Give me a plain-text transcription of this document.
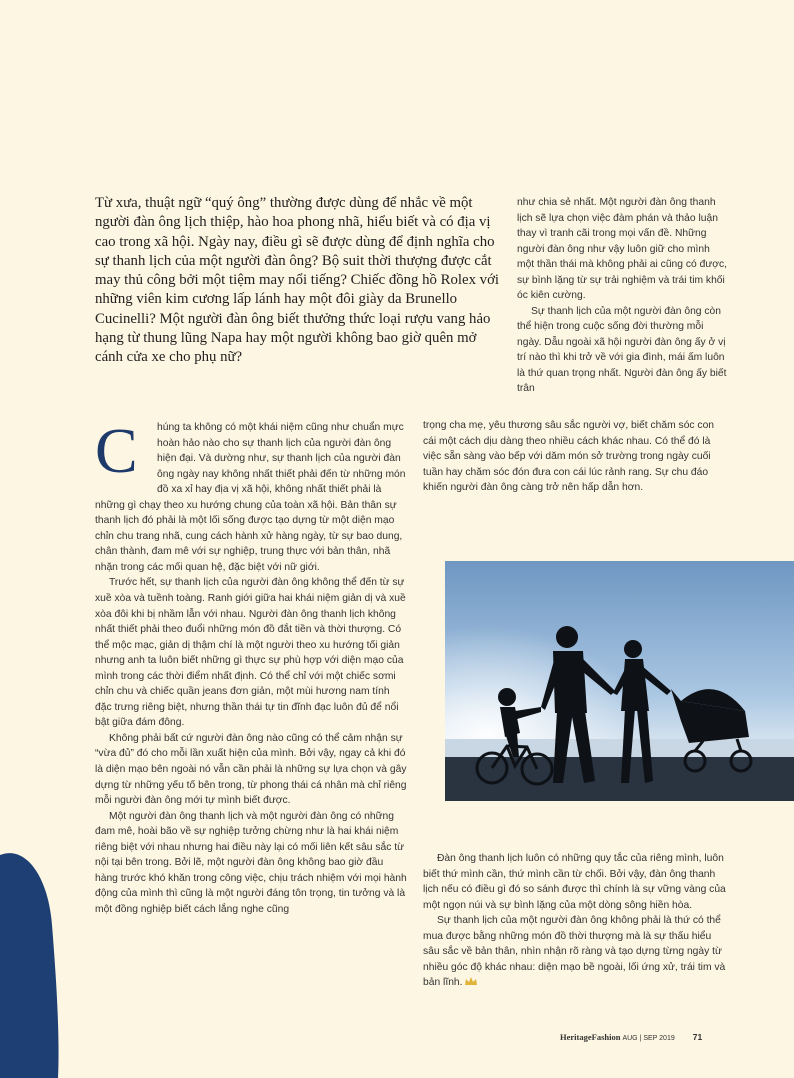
Từ xưa, thuật ngữ “quý ông” thường được dùng để nhắc về một người đàn ông lịch thiệp, hào hoa phong nhã, hiểu biết và có địa vị cao trong xã hội. Ngày nay, điều gì sẽ được dùng để định nghĩa cho sự thanh lịch của một người đàn ông? Bộ suit thời thượng được cắt may thủ công bởi một tiệm may nổi tiếng? Chiếc đồng hồ Rolex với những viên kim cương lấp lánh hay một đôi giày da Brunello Cucinelli? Một người đàn ông biết thưởng thức loại rượu vang hảo hạng từ thung lũng Napa hay một người không bao giờ quên mở cánh cửa xe cho phụ nữ?

như chia sẻ nhất. Một người đàn ông thanh lịch sẽ lựa chọn việc đàm phán và thảo luận thay vì tranh cãi trong mọi vấn đề. Những người đàn ông như vậy luôn giữ cho mình một thần thái mà không phải ai cũng có được, sự bình lặng từ sự trải nghiệm và trái tim khối óc kiên cường.

Sự thanh lịch của một người đàn ông còn thể hiện trong cuộc sống đời thường mỗi ngày. Dẫu ngoài xã hội người đàn ông ấy ở vị trí nào thì khi trở về với gia đình, mái ấm luôn là thứ quan trọng nhất. Người đàn ông ấy biết trân

C	húng ta không có một khái niệm cũng như chuẩn mực hoàn hảo nào cho sự thanh lịch của người đàn ông hiện đại. Và dường như, sự thanh lịch của người đàn ông ngày nay không nhất thiết phải đến từ những món đồ xa xỉ hay địa vị xã hội, không nhất thiết phải là những gì chạy theo xu hướng chung của toàn xã hội. Bản thân sự thanh lịch đó phải là một lối sống được tạo dựng từ một diện mạo chỉn chu trang nhã, cung cách hành xử hàng ngày, từ sự bao dung, chân thành, đam mê với sự nghiệp, trung thực với bản thân, nhã nhặn trong các mối quan hệ, đặc biệt với nữ giới.

Trước hết, sự thanh lịch của người đàn ông không thể đến từ sự xuề xòa và tuềnh toàng. Ranh giới giữa hai khái niệm giản dị và xuề xòa đôi khi bị nhầm lẫn với nhau. Người đàn ông thanh lịch không nhất thiết phải theo đuổi những món đồ đắt tiền và thời thượng. Có thể mộc mạc, giản dị thậm chí là một người theo xu hướng tối giản nhưng anh ta luôn biết những gì thực sự phù hợp với diện mạo của mình trong các thời điểm nhất định. Có thể chỉ với một chiếc sơmi chỉn chu và chiếc quần jeans đơn giản, một mùi hương nam tính đặc trưng riêng biệt, nhưng thần thái tự tin đĩnh đạc luôn đủ để nổi bật giữa đám đông.

Không phải bất cứ người đàn ông nào cũng có thể cảm nhận sự “vừa đủ” đó cho mỗi lần xuất hiện của mình. Bởi vậy, ngay cả khi đó là diện mạo bên ngoài nó vẫn cần phải là những sự lựa chọn và gây dựng từ những yếu tố bên trong, từ phong thái cá nhân mà chỉ riêng mỗi người đàn ông mới tự mình biết được.

Một người đàn ông thanh lịch và một người đàn ông có những đam mê, hoài bão về sự nghiệp tưởng chừng như là hai khái niệm riêng biệt với nhau nhưng hai điều này lại có mối liên kết sâu sắc từ nội tại bên trong. Bởi lẽ, một người đàn ông không bao giờ đầu hàng trước khó khăn trong công việc, chịu trách nhiệm với mọi hành động của mình thì cũng là một người đáng tôn trọng, tin tưởng và là một đồng nghiệp biết cách lắng nghe cũng

trọng cha mẹ, yêu thương sâu sắc người vợ, biết chăm sóc con cái một cách dịu dàng theo nhiều cách khác nhau. Có thể đó là việc sẵn sàng vào bếp với dăm món sở trường trong ngày cuối tuần hay chăm sóc đón đưa con cái lúc rảnh rang. Sự chu đáo khiến người đàn ông càng trở nên hấp dẫn hơn.

Đàn ông thanh lịch luôn có những quy tắc của riêng mình, luôn biết thứ mình cần, thứ mình cần từ chối. Bởi vậy, đàn ông thanh lịch nếu có điều gì đó so sánh được thì chính là sự vững vàng của một ngọn núi và sự bình lặng của một dòng sông hiền hòa.

Sự thanh lịch của một người đàn ông không phải là thứ có thể mua được bằng những món đồ thời thượng mà là sự thấu hiểu sâu sắc về bản thân, nhìn nhận rõ ràng và tạo dựng từng ngày từ nhiều góc độ khác nhau: diện mạo bề ngoài, lối ứng xử, trái tim và bản lĩnh.

HeritageFashion AUG | SEP 2019 71
